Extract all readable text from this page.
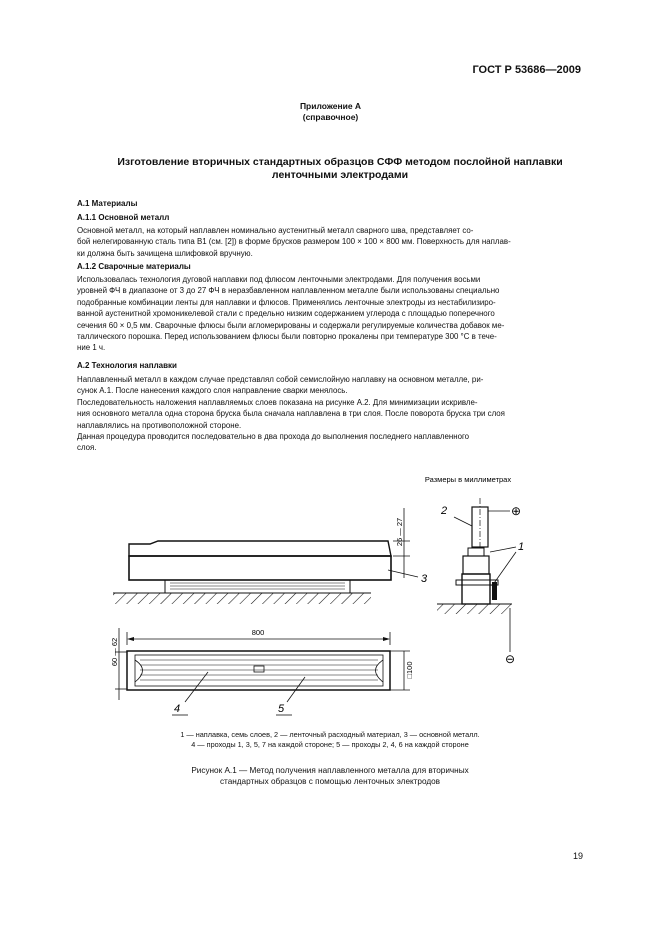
ГОСТ Р 53686—2009
Приложение А
(справочное)
Изготовление вторичных стандартных образцов СФФ методом послойной наплавки
ленточными электродами
А.1 Материалы
А.1.1 Основной металл
Основной металл, на который наплавлен номинально аустенитный металл сварного шва, представляет со-
бой нелегированную сталь типа В1 (см. [2]) в форме брусков размером 100 × 100 × 800 мм. Поверхность для наплав-
ки должна быть зачищена шлифовкой вручную.
А.1.2 Сварочные материалы
Использовалась технология дуговой наплавки под флюсом ленточными электродами. Для получения восьми
уровней ФЧ в диапазоне от 3 до 27 ФЧ в неразбавленном наплавленном металле были использованы специально
подобранные комбинации ленты для наплавки и флюсов. Применялись ленточные электроды из нестабилизиро-
ванной аустенитной хромоникелевой стали с предельно низким содержанием углерода с площадью поперечного
сечения 60 × 0,5 мм. Сварочные флюсы были агломерированы и содержали регулируемые количества добавок ме-
таллического порошка. Перед использованием флюсы были повторно прокалены при температуре 300 °С в тече-
ние 1 ч.
А.2 Технология наплавки
Наплавленный металл в каждом случае представлял собой семислойную наплавку на основном металле, ри-
сунок А.1. После нанесения каждого слоя направление сварки менялось.
Последовательность наложения наплавляемых слоев показана на рисунке А.2. Для минимизации искривле-
ния основного металла одна сторона бруска была сначала наплавлена в три слоя. После поворота бруска три слоя
наплавлялись на противоположной стороне.
Данная процедура проводится последовательно в два прохода до выполнения последнего наплавленного
слоя.
Размеры в миллиметрах
26 — 27
3
⊕
2
1
⊖
800
60 — 62
□100
4	5
1 — наплавка, семь слоев, 2 — ленточный расходный материал, 3 — основной металл.
4 — проходы 1, 3, 5, 7 на каждой стороне; 5 — проходы 2, 4, 6 на каждой стороне
Рисунок А.1 — Метод получения наплавленного металла для вторичных
стандартных образцов с помощью ленточных электродов
19
